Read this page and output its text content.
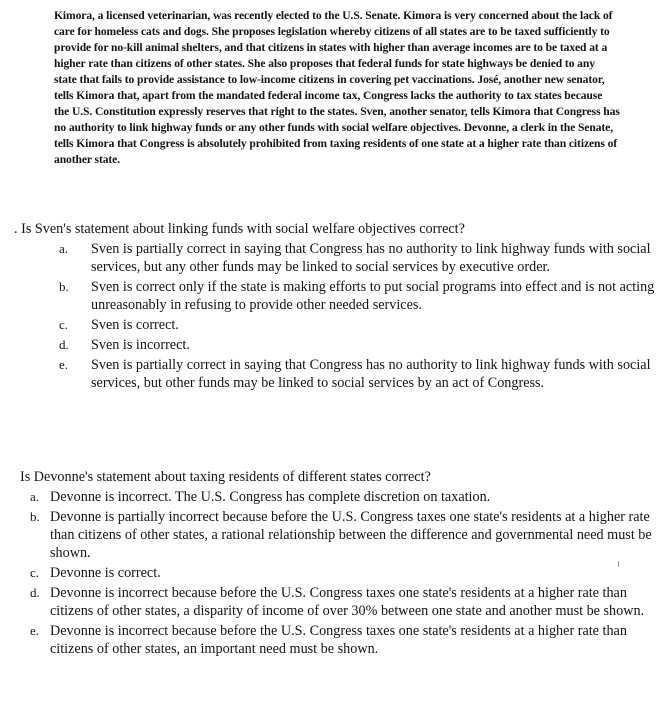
Kimora, a licensed veterinarian, was recently elected to the U.S. Senate. Kimora is very concerned about the lack of care for homeless cats and dogs. She proposes legislation whereby citizens of all states are to be taxed sufficiently to provide for no-kill animal shelters, and that citizens in states with higher than average incomes are to be taxed at a higher rate than citizens of other states. She also proposes that federal funds for state highways be denied to any state that fails to provide assistance to low-income citizens in covering pet vaccinations. José, another new senator, tells Kimora that, apart from the mandated federal income tax, Congress lacks the authority to tax states because the U.S. Constitution expressly reserves that right to the states. Sven, another senator, tells Kimora that Congress has no authority to link highway funds or any other funds with social welfare objectives. Devonne, a clerk in the Senate, tells Kimora that Congress is absolutely prohibited from taxing residents of one state at a higher rate than citizens of another state.

. Is Sven's statement about linking funds with social welfare objectives correct?

a. Sven is partially correct in saying that Congress has no authority to link highway funds with social services, but any other funds may be linked to social services by executive order.
b. Sven is correct only if the state is making efforts to put social programs into effect and is not acting unreasonably in refusing to provide other needed services.
c. Sven is correct.
d. Sven is incorrect.
e. Sven is partially correct in saying that Congress has no authority to link highway funds with social services, but other funds may be linked to social services by an act of Congress.

Is Devonne's statement about taxing residents of different states correct?

a. Devonne is incorrect. The U.S. Congress has complete discretion on taxation.
b. Devonne is partially incorrect because before the U.S. Congress taxes one state's residents at a higher rate than citizens of other states, a rational relationship between the difference and governmental need must be shown.
c. Devonne is correct.
d. Devonne is incorrect because before the U.S. Congress taxes one state's residents at a higher rate than citizens of other states, a disparity of income of over 30% between one state and another must be shown.
e. Devonne is incorrect because before the U.S. Congress taxes one state's residents at a higher rate than citizens of other states, an important need must be shown.
